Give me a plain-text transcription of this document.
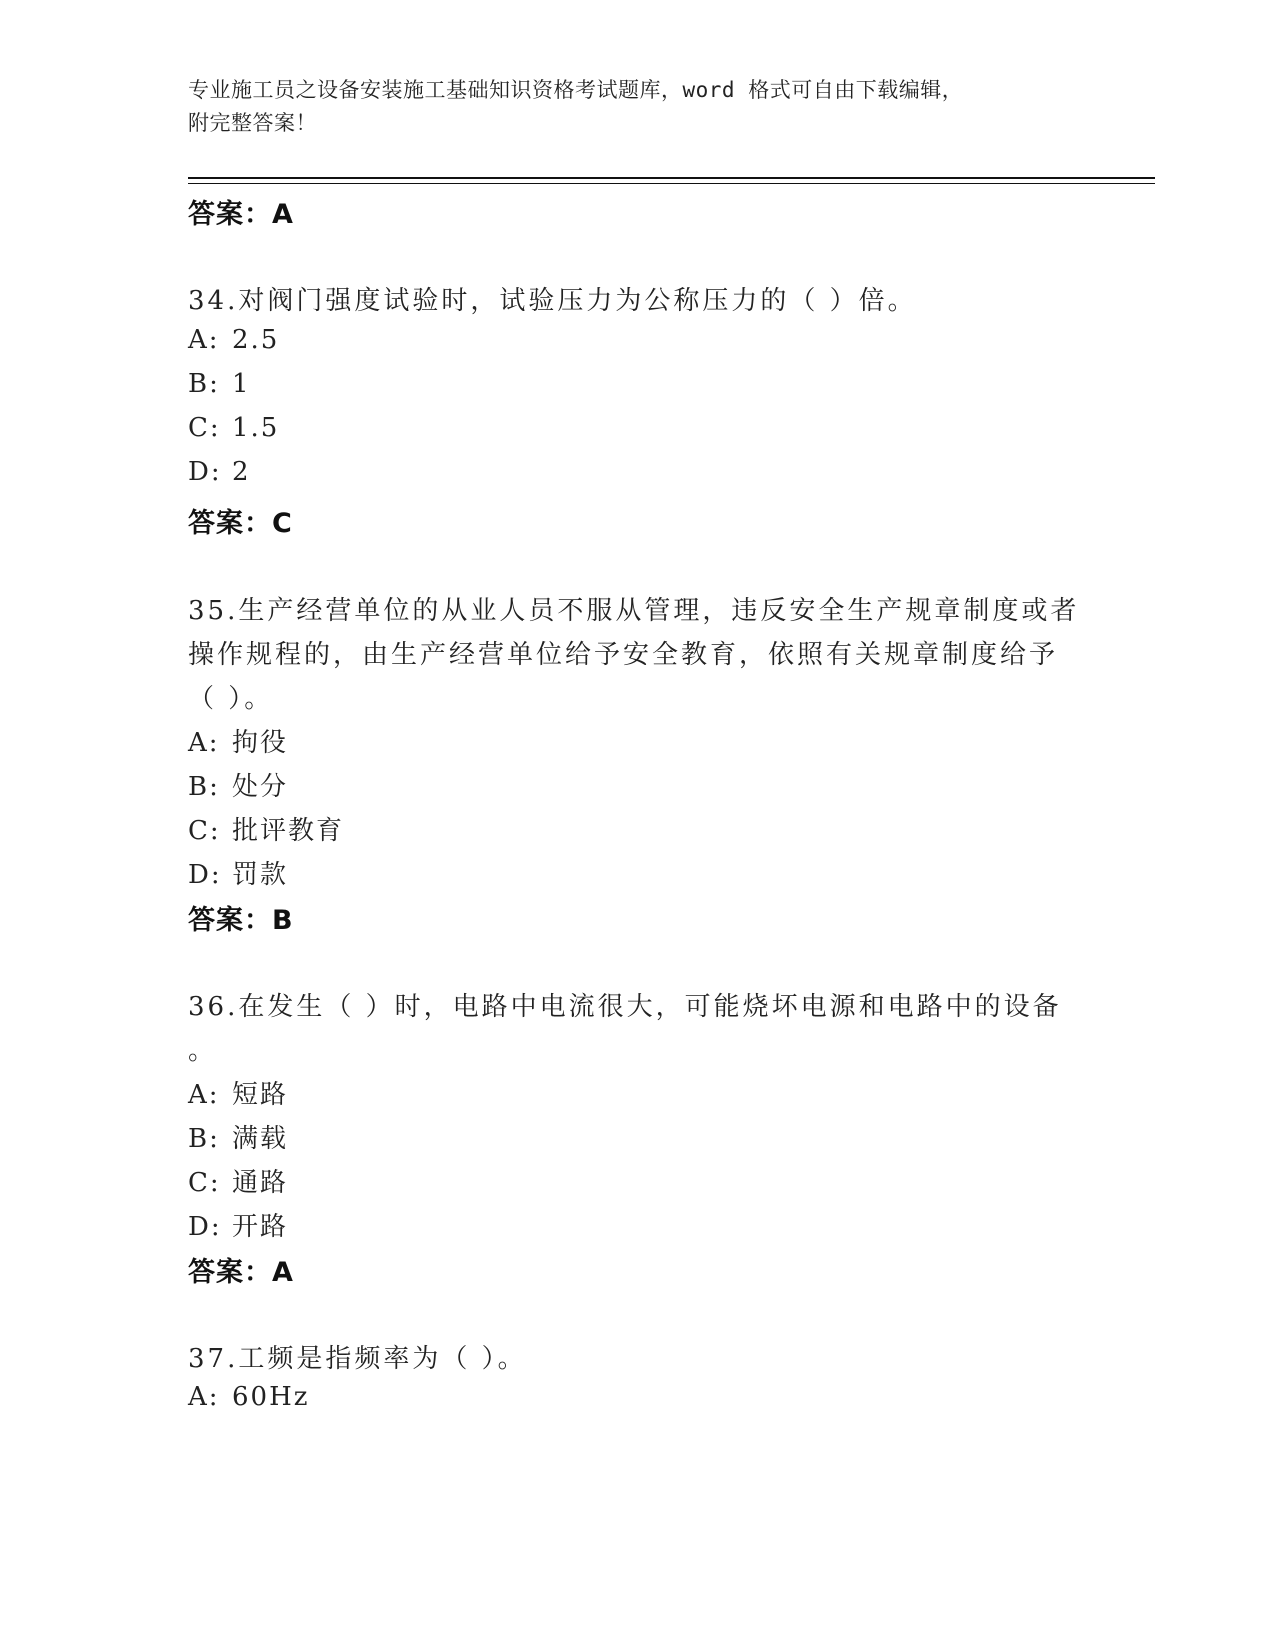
专业施工员之设备安装施工基础知识资格考试题库，word 格式可自由下载编辑，
附完整答案！
答案：A
34.对阀门强度试验时，试验压力为公称压力的（ ）倍。
A: 2.5
B: 1
C: 1.5
D: 2
答案：C
35.生产经营单位的从业人员不服从管理，违反安全生产规章制度或者
操作规程的，由生产经营单位给予安全教育，依照有关规章制度给予
（ ）。
A: 拘役
B: 处分
C: 批评教育
D: 罚款
答案：B
36.在发生（ ）时，电路中电流很大，可能烧坏电源和电路中的设备
。
A: 短路
B: 满载
C: 通路
D: 开路
答案：A
37.工频是指频率为（ ）。
A: 60Hz
